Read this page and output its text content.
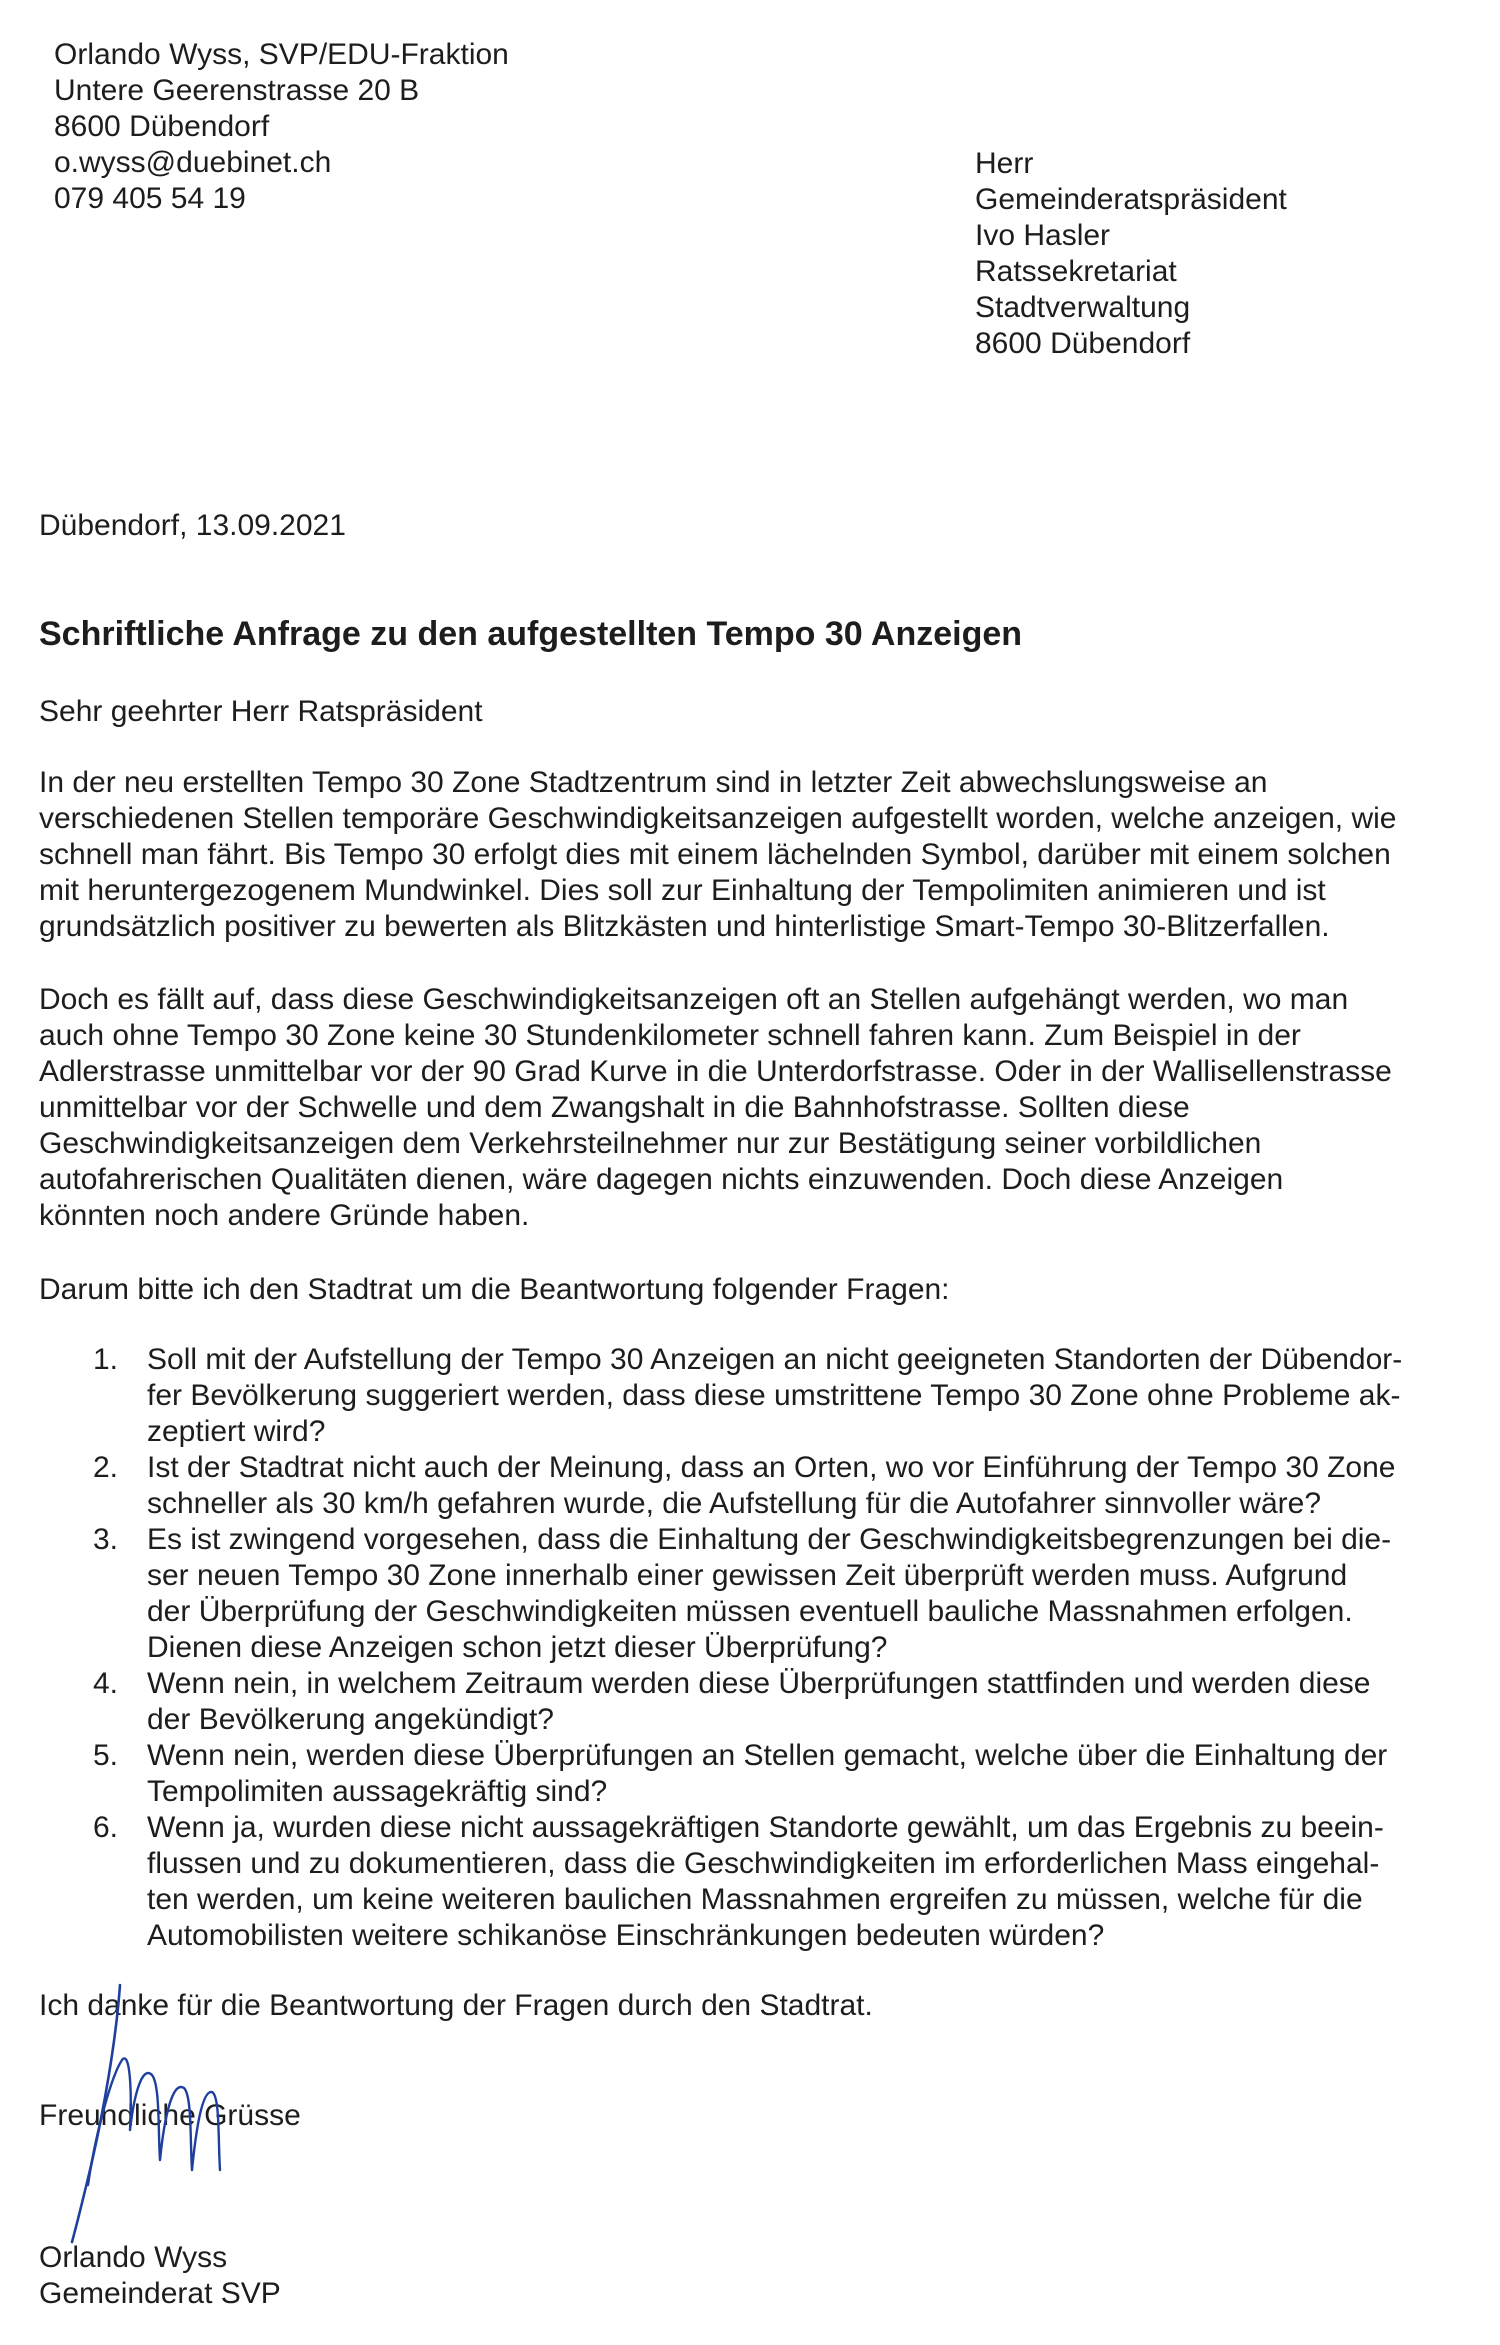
Orlando Wyss, SVP/EDU-Fraktion
Untere Geerenstrasse 20 B
8600 Dübendorf
o.wyss@duebinet.ch
079 405 54 19
Herr
Gemeinderatspräsident
Ivo Hasler
Ratssekretariat
Stadtverwaltung
8600 Dübendorf
Dübendorf, 13.09.2021
Schriftliche Anfrage zu den aufgestellten Tempo 30 Anzeigen
Sehr geehrter Herr Ratspräsident

In der neu erstellten Tempo 30 Zone Stadtzentrum sind in letzter Zeit abwechslungsweise an
verschiedenen Stellen temporäre Geschwindigkeitsanzeigen aufgestellt worden, welche anzeigen, wie
schnell man fährt. Bis Tempo 30 erfolgt dies mit einem lächelnden Symbol, darüber mit einem solchen
mit heruntergezogenem Mundwinkel. Dies soll zur Einhaltung der Tempolimiten animieren und ist
grundsätzlich positiver zu bewerten als Blitzkästen und hinterlistige Smart-Tempo 30-Blitzerfallen.

Doch es fällt auf, dass diese Geschwindigkeitsanzeigen oft an Stellen aufgehängt werden, wo man
auch ohne Tempo 30 Zone keine 30 Stundenkilometer schnell fahren kann. Zum Beispiel in der
Adlerstrasse unmittelbar vor der 90 Grad Kurve in die Unterdorfstrasse. Oder in der Wallisellenstrasse
unmittelbar vor der Schwelle und dem Zwangshalt in die Bahnhofstrasse. Sollten diese
Geschwindigkeitsanzeigen dem Verkehrsteilnehmer nur zur Bestätigung seiner vorbildlichen
autofahrerischen Qualitäten dienen, wäre dagegen nichts einzuwenden. Doch diese Anzeigen
könnten noch andere Gründe haben.

Darum bitte ich den Stadtrat um die Beantwortung folgender Fragen:

1. Soll mit der Aufstellung der Tempo 30 Anzeigen an nicht geeigneten Standorten der Dübendor-
fer Bevölkerung suggeriert werden, dass diese umstrittene Tempo 30 Zone ohne Probleme ak-
zeptiert wird?
2. Ist der Stadtrat nicht auch der Meinung, dass an Orten, wo vor Einführung der Tempo 30 Zone
schneller als 30 km/h gefahren wurde, die Aufstellung für die Autofahrer sinnvoller wäre?
3. Es ist zwingend vorgesehen, dass die Einhaltung der Geschwindigkeitsbegrenzungen bei die-
ser neuen Tempo 30 Zone innerhalb einer gewissen Zeit überprüft werden muss. Aufgrund
der Überprüfung der Geschwindigkeiten müssen eventuell bauliche Massnahmen erfolgen.
Dienen diese Anzeigen schon jetzt dieser Überprüfung?
4. Wenn nein, in welchem Zeitraum werden diese Überprüfungen stattfinden und werden diese
der Bevölkerung angekündigt?
5. Wenn nein, werden diese Überprüfungen an Stellen gemacht, welche über die Einhaltung der
Tempolimiten aussagekräftig sind?
6. Wenn ja, wurden diese nicht aussagekräftigen Standorte gewählt, um das Ergebnis zu beein-
flussen und zu dokumentieren, dass die Geschwindigkeiten im erforderlichen Mass eingehal-
ten werden, um keine weiteren baulichen Massnahmen ergreifen zu müssen, welche für die
Automobilisten weitere schikanöse Einschränkungen bedeuten würden?
Ich danke für die Beantwortung der Fragen durch den Stadtrat.
Freundliche Grüsse
Orlando Wyss
Gemeinderat SVP
